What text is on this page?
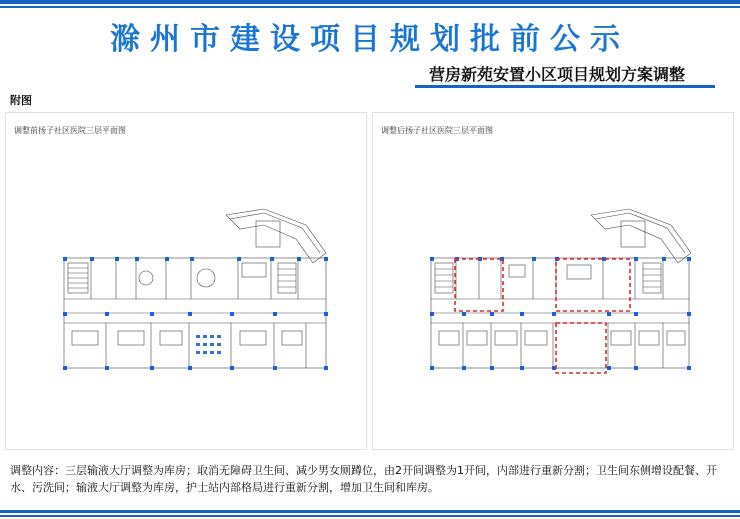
滁州市建设项目规划批前公示
营房新苑安置小区项目规划方案调整
附图
调整前扬子社区医院三层平面图	调整后扬子社区医院三层平面图
调整内容：三层输液大厅调整为库房；取消无障碍卫生间、减少男女厕蹲位，由2开间调整为1开间，内部进行重新分割；卫生间东侧增设配餐、开水、污洗间；输液大厅调整为库房，护士站内部格局进行重新分割，增加卫生间和库房。
